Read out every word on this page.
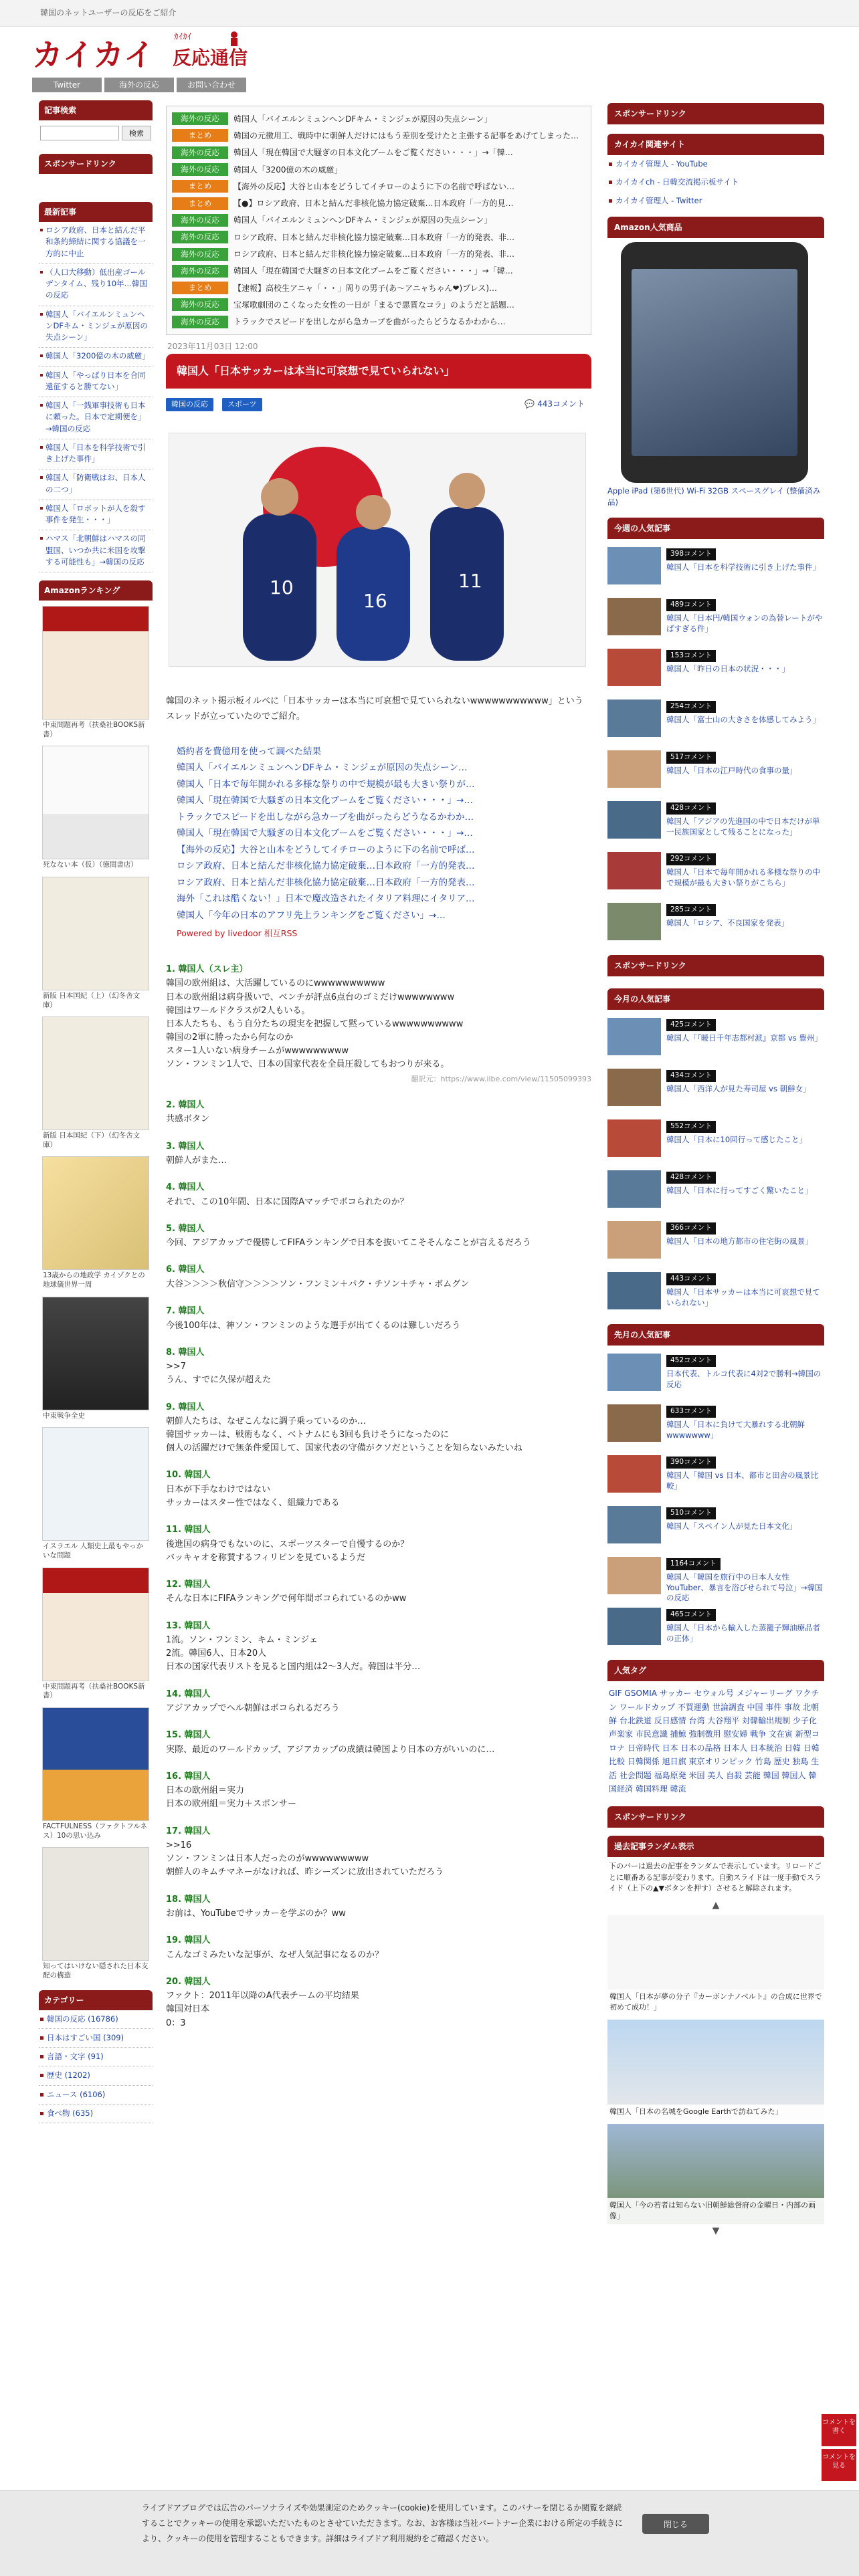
韓国のネットユーザーの反応をご紹介
カイカイ ｶｲｶｲ
反応通信
Twitter	海外の反応	お問い合わせ
記事検索
検索
スポンサードリンク
最新記事
ロシア政府、日本と結んだ平和条約締結に関する協議を一方的に中止
（人口大移動）低出産ゴールデンタイム、残り10年…韓国の反応
韓国人「バイエルンミュンヘンDFキム・ミンジェが原因の失点シーン」
韓国人「3200億の木の威厳」
韓国人「やっぱり日本を合同遠征すると勝てない」
韓国人「一銭軍事技術も日本に頼った。日本で定期便を」→韓国の反応
韓国人「日本を科学技術で引き上げた事件」
韓国人「防衛戦はお、日本人の二つ」
韓国人「ロボットが人を殺す事件を発生・・・」
ハマス「北朝鮮はハマスの同盟国、いつか共に米国を攻撃する可能性も」→韓国の反応
Amazonランキング
中東問題再考（扶桑社BOOKS新書）
死なない本（仮）（徳間書店）
新版 日本国紀（上）（幻冬舎文庫）
新版 日本国紀（下）（幻冬舎文庫）
13歳からの地政学 カイゾクとの地球儀世界一周
中東戦争全史
イスラエル 人類史上最もやっかいな問題
中東問題再考（扶桑社BOOKS新書）
FACTFULNESS（ファクトフルネス）10の思い込み
知ってはいけない隠された日本支配の構造
カテゴリー
韓国の反応 (16786)
日本はすごい国 (309)
言語・文字 (91)
歴史 (1202)
ニュース (6106)
食べ物 (635)
海外の反応	韓国人「バイエルンミュンヘンDFキム・ミンジェが原因の失点シーン」
まとめ	韓国の元徴用工、戦時中に朝鮮人だけにはもう差別を受けたと主張する記事をあげてしまった…
海外の反応	韓国人「現在韓国で大騒ぎの日本文化ブームをご覧ください・・・」→「韓…
海外の反応	韓国人「3200億の木の威厳」
まとめ	【海外の反応】大谷と山本をどうしてイチローのように下の名前で呼ばない…
まとめ	【●】ロシア政府、日本と結んだ非核化協力協定破棄…日本政府「一方的見…
海外の反応	韓国人「バイエルンミュンヘンDFキム・ミンジェが原因の失点シーン」
海外の反応	ロシア政府、日本と結んだ非核化協力協定破棄…日本政府「一方的発表、非…
海外の反応	ロシア政府、日本と結んだ非核化協力協定破棄…日本政府「一方的発表、非…
海外の反応	韓国人「現在韓国で大騒ぎの日本文化ブームをご覧ください・・・」→「韓…
まとめ	【速報】高校生アニャ「・・」周りの男子(あ〜アニャちゃん❤)プレス)…
海外の反応	宝塚歌劇団のこくなった女性の一日が「まるで悪質なコラ」のようだと話題…
海外の反応	トラックでスピードを出しながら急カーブを曲がったらどうなるかわから…
2023年11月03日 12:00
韓国人「日本サッカーは本当に可哀想で見ていられない」
韓国の反応	スポーツ	💬 443コメント
10
16
11
韓国のネット掲示板イルベに「日本サッカーは本当に可哀想で見ていられないwwwwwwwwwww」というスレッドが立っていたのでご紹介。
婚約者を費億用を使って調べた結果
韓国人「バイエルンミュンヘンDFキム・ミンジェが原因の失点シーン…
韓国人「日本で毎年開かれる多様な祭りの中で規模が最も大きい祭りが…
韓国人「現在韓国で大騒ぎの日本文化ブームをご覧ください・・・」→…
トラックでスピードを出しながら急カーブを曲がったらどうなるかわか…
韓国人「現在韓国で大騒ぎの日本文化ブームをご覧ください・・・」→…
【海外の反応】大谷と山本をどうしてイチローのように下の名前で呼ば…
ロシア政府、日本と結んだ非核化協力協定破棄…日本政府「一方的発表…
ロシア政府、日本と結んだ非核化協力協定破棄…日本政府「一方的発表…
海外「これは酷くない！」日本で魔改造されたイタリア料理にイタリア…
韓国人「今年の日本のアフリ先上ランキングをご覧ください」→…
Powered by livedoor 相互RSS
1. 韓国人（スレ主）
韓国の欧州組は、大活躍しているのにwwwwwwwwww
日本の欧州組は病身扱いで、ベンチが評点6点台のゴミだけwwwwwwww
韓国はワールドクラスが2人もいる。
日本人たちも、もう自分たちの現実を把握して黙っているwwwwwwwwww
韓国の2軍に勝ったから何なのか
スター1人いない病身チームがwwwwwwwww
ソン・フンミン1人で、日本の国家代表を全員圧殺してもおつりが来る。
翻訳元：https://www.ilbe.com/view/11505099393
2. 韓国人
共感ボタン
3. 韓国人
朝鮮人がまた…
4. 韓国人
それで、この10年間、日本に国際Aマッチでボコられたのか？
5. 韓国人
今回、アジアカップで優勝してFIFAランキングで日本を抜いてこそそんなことが言えるだろう
6. 韓国人
大谷＞＞＞＞秋信守＞＞＞＞ソン・フンミン＋パク・チソン＋チャ・ボムグン
7. 韓国人
今後100年は、神ソン・フンミンのような選手が出てくるのは難しいだろう
8. 韓国人
>>7
うん、すでに久保が超えた
9. 韓国人
朝鮮人たちは、なぜこんなに調子乗っているのか…
韓国サッカーは、戦術もなく、ベトナムにも3回も負けそうになったのに
個人の活躍だけで無条件愛国して、国家代表の守備がクソだということを知らないみたいね
10. 韓国人
日本が下手なわけではない
サッカーはスター性ではなく、組織力である
11. 韓国人
後進国の病身でもないのに、スポーツスターで自慢するのか？
バッキャオを称賛するフィリピンを見ているようだ
12. 韓国人
そんな日本にFIFAランキングで何年間ボコられているのかww
13. 韓国人
1流。ソン・フンミン、キム・ミンジェ
2流。韓国6人、日本20人
日本の国家代表リストを見ると国内組は2〜3人だ。韓国は半分…
14. 韓国人
アジアカップでヘル朝鮮はボコられるだろう
15. 韓国人
実際、最近のワールドカップ、アジアカップの成績は韓国より日本の方がいいのに…
16. 韓国人
日本の欧州組＝実力
日本の欧州組＝実力＋スポンサー
17. 韓国人
>>16
ソン・フンミンは日本人だったのがwwwwwwwww
朝鮮人のキムチマネーがなければ、昨シーズンに放出されていただろう
18. 韓国人
お前は、YouTubeでサッカーを学ぶのか？ww
19. 韓国人
こんなゴミみたいな記事が、なぜ人気記事になるのか？
20. 韓国人
ファクト：2011年以降のA代表チームの平均結果
韓国対日本
0：3
スポンサードリンク
カイカイ関連サイト
カイカイ管理人 - YouTube
カイカイch - 日韓交流掲示板サイト
カイカイ管理人 - Twitter
Amazon人気商品
Apple iPad (第6世代) Wi-Fi 32GB スペースグレイ (整備済み品)
今週の人気記事
398コメント
韓国人「日本を科学技術に引き上げた事件」
489コメント
韓国人「日本円/韓国ウォンの為替レートがやばすぎる件」
153コメント
韓国人「昨日の日本の状況・・・」
254コメント
韓国人「富士山の大きさを体感してみよう」
517コメント
韓国人「日本の江戸時代の食事の量」
428コメント
韓国人「アジアの先進国の中で日本だけが単一民族国家として残ることになった」
292コメント
韓国人「日本で毎年開かれる多様な祭りの中で規模が最も大きい祭りがこちら」
285コメント
韓国人「ロシア、不良国家を発表」
スポンサードリンク
今月の人気記事
425コメント
韓国人「『暖日千年志都村派』京都 vs 豊州」
434コメント
韓国人「西洋人が見た寿司屋 vs 朝鮮女」
552コメント
韓国人「日本に10回行って感じたこと」
428コメント
韓国人「日本に行ってすごく驚いたこと」
366コメント
韓国人「日本の地方都市の住宅街の風景」
443コメント
韓国人「日本サッカーは本当に可哀想で見ていられない」
先月の人気記事
452コメント
日本代表、トルコ代表に4対2で勝利→韓国の反応
633コメント
韓国人「日本に負けて大暴れする北朝鮮wwwwwww」
390コメント
韓国人「韓国 vs 日本、都市と田舎の風景比較」
510コメント
韓国人「スペイン人が見た日本文化」
1164コメント
韓国人「韓国を旅行中の日本人女性YouTuber、暴言を浴びせられて号泣」→韓国の反応
465コメント
韓国人「日本から輸入した蒸籠子輝油療品者の正体」
人気タグ
GIF GSOMIA サッカー セウォル号 メジャーリーグ ワクチン ワールドカップ 不買運動 世論調査 中国 事件 事故 北朝鮮 台北鉄道 反日感情 台湾 大谷翔平 対韓輸出規制 少子化 声楽家 市民意識 捕鯨 強制徴用 慰安婦 戦争 文在寅 新型コロナ 日帝時代 日本 日本の品格 日本人 日本統治 日韓 日韓比較 日韓関係 旭日旗 東京オリンピック 竹島 歴史 独島 生活 社会問題 福島原発 米国 美人 自殺 芸能 韓国 韓国人 韓国経済 韓国料理 韓流
スポンサードリンク
過去記事ランダム表示
下のバーは過去の記事をランダムで表示しています。リロードごとに順番ある記事が変わります。自動スライドは一度手動でスライド（上下の▲▼ボタンを押す）させると解除されます。
▲
韓国人「日本が夢の分子『カーボンナノベルト』の合成に世界で初めて成功！」
韓国人「日本の名城をGoogle Earthで訪ねてみた」
韓国人「今の若者は知らない旧朝鮮総督府の金曜日・内部の画像」
▼
コメントを書く
コメントを見る
ライブドアブログでは広告のパーソナライズや効果測定のためクッキー(cookie)を使用しています。このバナーを閉じるか閲覧を継続することでクッキーの使用を承認いただいたものとさせていただきます。なお、お客様は当社パートナー企業における所定の手続きにより、クッキーの使用を管理することもできます。詳細はライブドア利用規約をご確認ください。
閉じる
